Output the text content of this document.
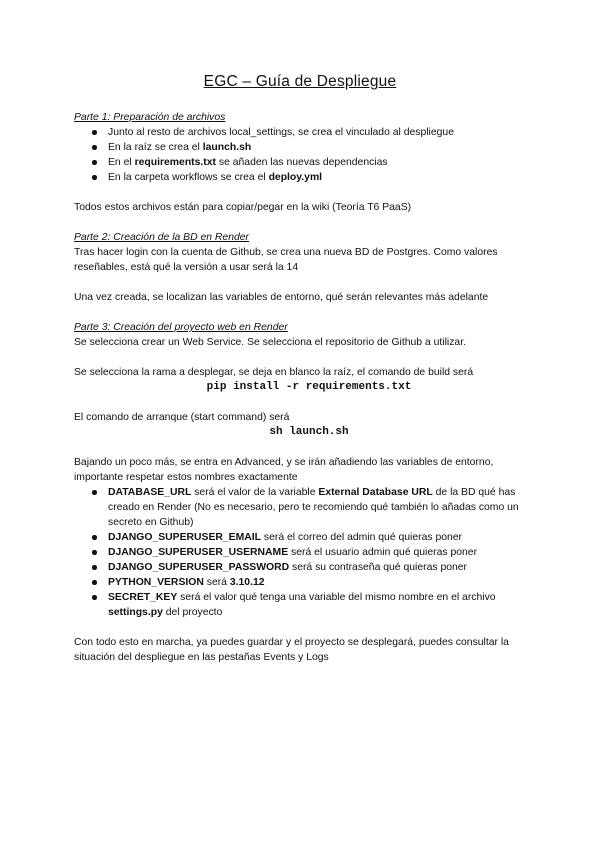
EGC – Guía de Despliegue

Parte 1: Preparación de archivos

Junto al resto de archivos local_settings, se crea el vinculado al despliegue
En la raíz se crea el launch.sh
En el requirements.txt se añaden las nuevas dependencias
En la carpeta workflows se crea el deploy.yml

Todos estos archivos están para copiar/pegar en la wiki (Teoría T6 PaaS)

Parte 2: Creación de la BD en Render

Tras hacer login con la cuenta de Github, se crea una nueva BD de Postgres. Como valores reseñables, está qué la versión a usar será la 14

Una vez creada, se localizan las variables de entorno, qué serán relevantes más adelante

Parte 3: Creación del proyecto web en Render

Se selecciona crear un Web Service. Se selecciona el repositorio de Github a utilizar.

Se selecciona la rama a desplegar, se deja en blanco la raíz, el comando de build será

pip install -r requirements.txt

El comando de arranque (start command) será

sh launch.sh

Bajando un poco más, se entra en Advanced, y se irán añadiendo las variables de entorno, importante respetar estos nombres exactamente

DATABASE_URL será el valor de la variable External Database URL de la BD qué has creado en Render (No es necesario, pero te recomiendo qué también lo añadas como un secreto en Github)
DJANGO_SUPERUSER_EMAIL será el correo del admin qué quieras poner
DJANGO_SUPERUSER_USERNAME será el usuario admin qué quieras poner
DJANGO_SUPERUSER_PASSWORD será su contraseña qué quieras poner
PYTHON_VERSION será 3.10.12
SECRET_KEY será el valor qué tenga una variable del mismo nombre en el archivo settings.py del proyecto

Con todo esto en marcha, ya puedes guardar y el proyecto se desplegará, puedes consultar la situación del despliegue en las pestañas Events y Logs
